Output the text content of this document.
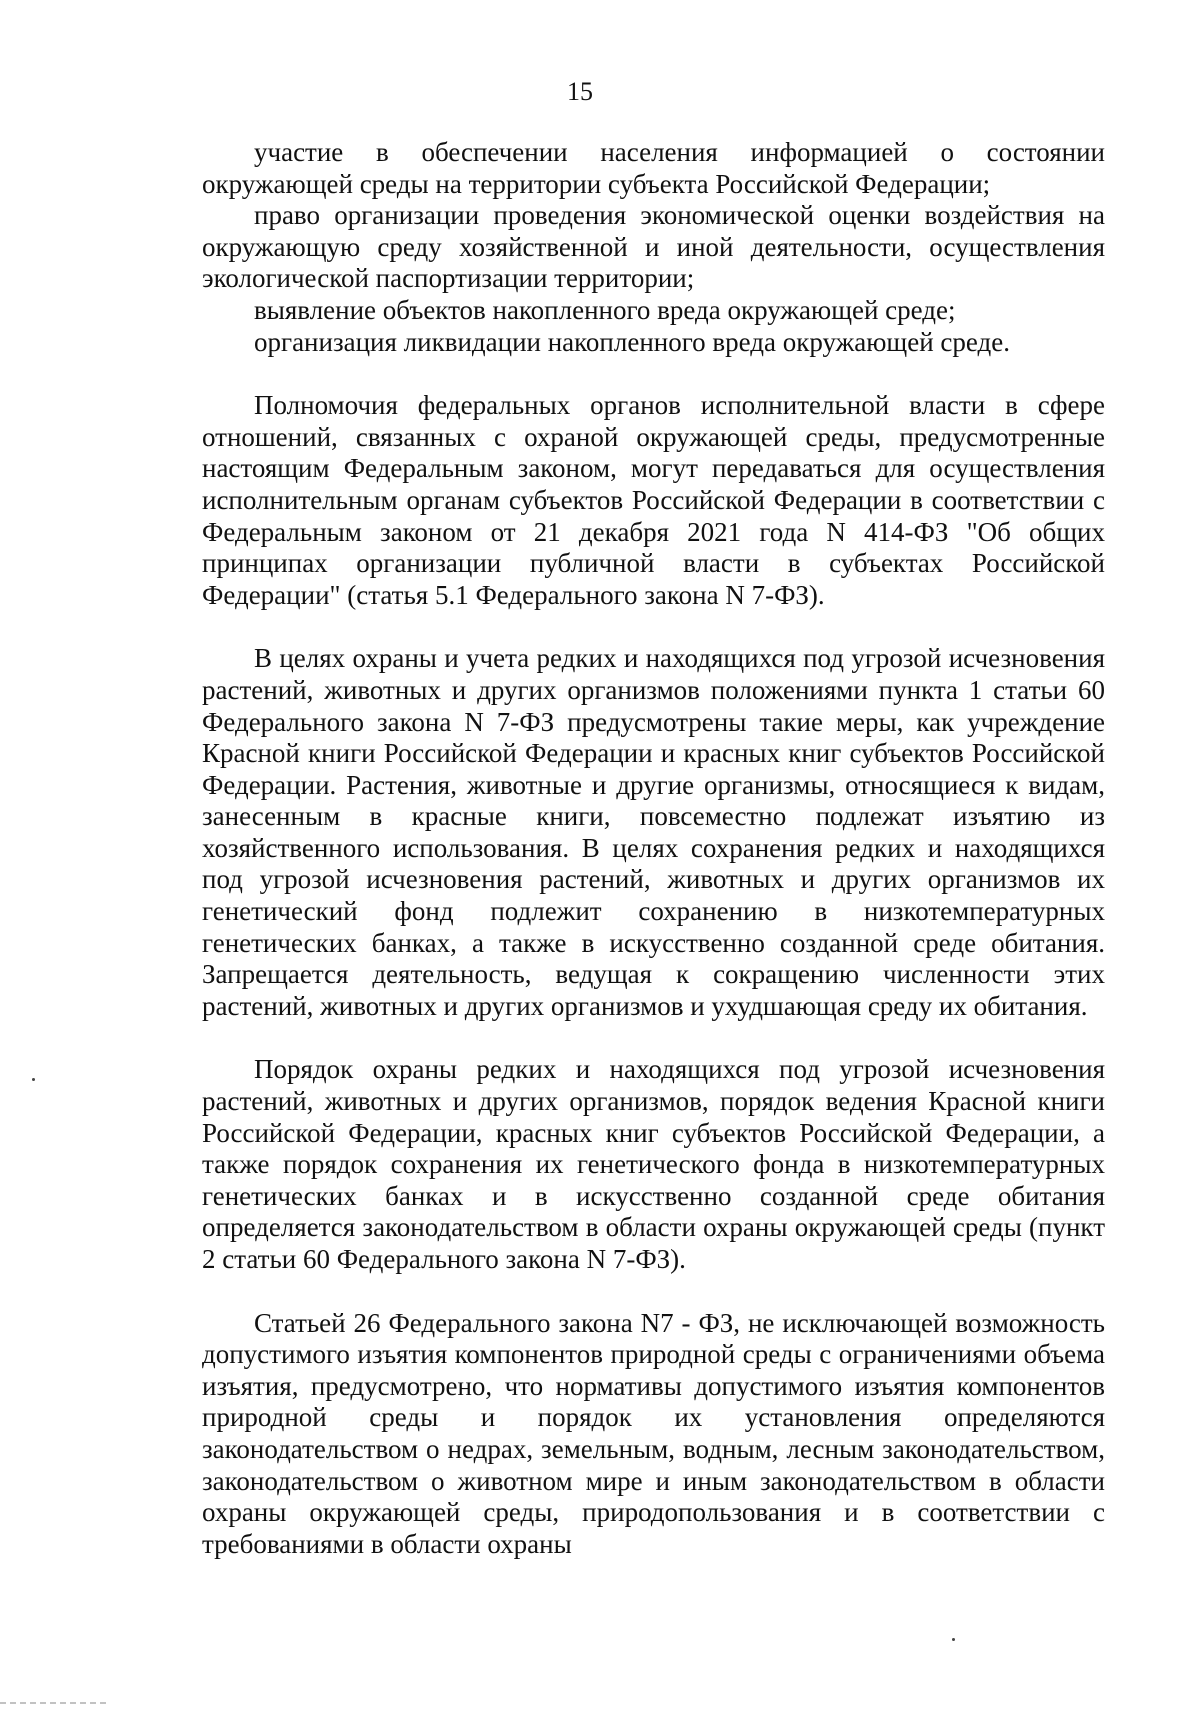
15

участие в обеспечении населения информацией о состоянии окружающей среды на территории субъекта Российской Федерации;

право организации проведения экономической оценки воздействия на окружающую среду хозяйственной и иной деятельности, осуществления экологической паспортизации территории;

выявление объектов накопленного вреда окружающей среде;

организация ликвидации накопленного вреда окружающей среде.

Полномочия федеральных органов исполнительной власти в сфере отношений, связанных с охраной окружающей среды, предусмотренные настоящим Федеральным законом, могут передаваться для осуществления исполнительным органам субъектов Российской Федерации в соответствии с Федеральным законом от 21 декабря 2021 года N 414-ФЗ "Об общих принципах организации публичной власти в субъектах Российской Федерации" (статья 5.1 Федерального закона N 7-ФЗ).

В целях охраны и учета редких и находящихся под угрозой исчезновения растений, животных и других организмов положениями пункта 1 статьи 60 Федерального закона N 7-ФЗ предусмотрены такие меры, как учреждение Красной книги Российской Федерации и красных книг субъектов Российской Федерации. Растения, животные и другие организмы, относящиеся к видам, занесенным в красные книги, повсеместно подлежат изъятию из хозяйственного использования. В целях сохранения редких и находящихся под угрозой исчезновения растений, животных и других организмов их генетический фонд подлежит сохранению в низкотемпературных генетических банках, а также в искусственно созданной среде обитания. Запрещается деятельность, ведущая к сокращению численности этих растений, животных и других организмов и ухудшающая среду их обитания.

Порядок охраны редких и находящихся под угрозой исчезновения растений, животных и других организмов, порядок ведения Красной книги Российской Федерации, красных книг субъектов Российской Федерации, а также порядок сохранения их генетического фонда в низкотемпературных генетических банках и в искусственно созданной среде обитания определяется законодательством в области охраны окружающей среды (пункт 2 статьи 60 Федерального закона N 7-ФЗ).

Статьей 26 Федерального закона N7 - ФЗ, не исключающей возможность допустимого изъятия компонентов природной среды с ограничениями объема изъятия, предусмотрено, что нормативы допустимого изъятия компонентов природной среды и порядок их установления определяются законодательством о недрах, земельным, водным, лесным законодательством, законодательством о животном мире и иным законодательством в области охраны окружающей среды, природопользования и в соответствии с требованиями в области охраны
